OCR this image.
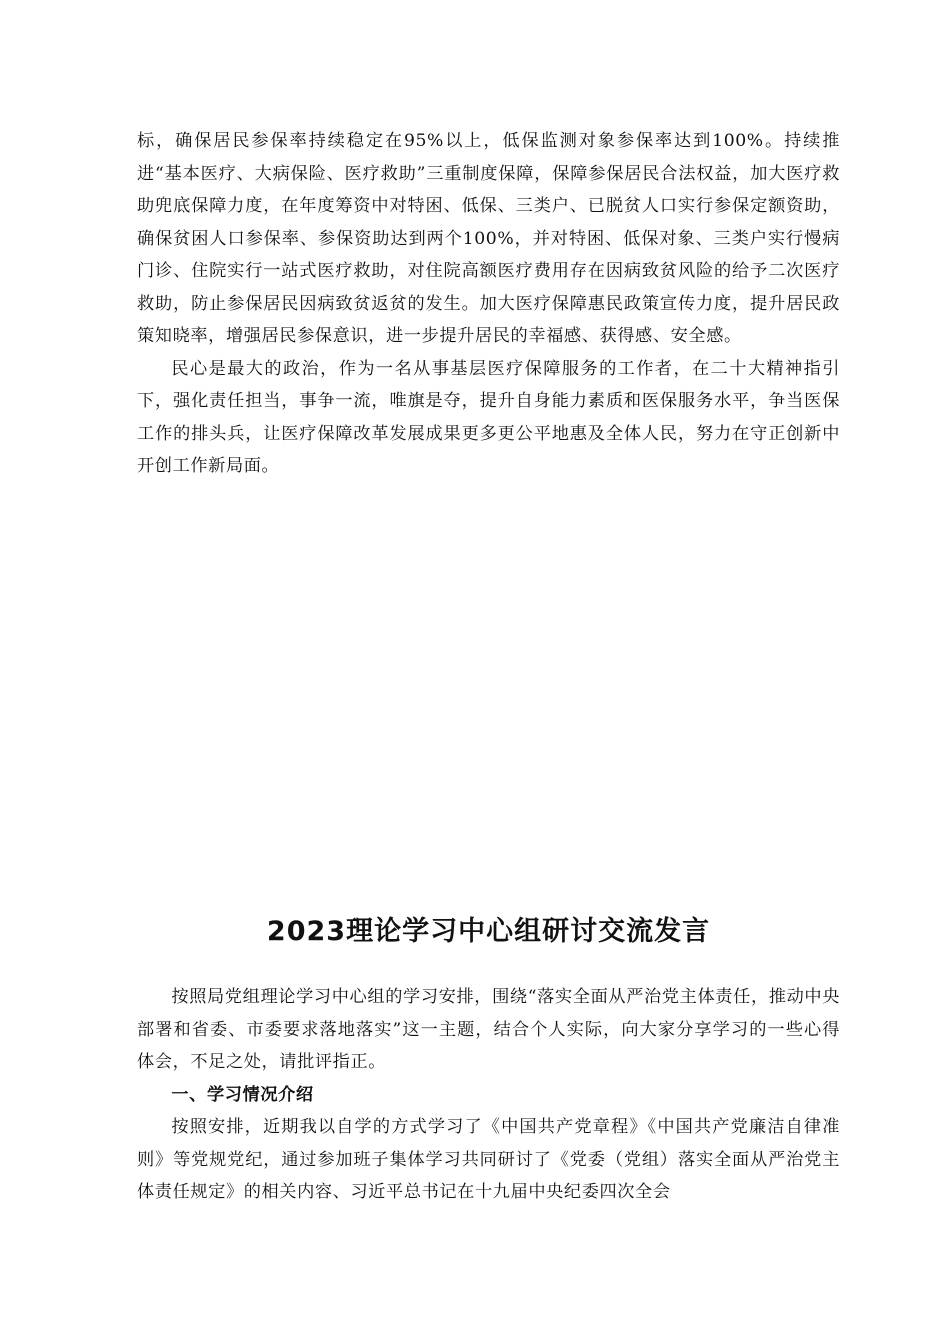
标，确保居民参保率持续稳定在95%以上，低保监测对象参保率达到100%。持续推进“基本医疗、大病保险、医疗救助”三重制度保障，保障参保居民合法权益，加大医疗救助兜底保障力度，在年度筹资中对特困、低保、三类户、已脱贫人口实行参保定额资助，确保贫困人口参保率、参保资助达到两个100%，并对特困、低保对象、三类户实行慢病门诊、住院实行一站式医疗救助，对住院高额医疗费用存在因病致贫风险的给予二次医疗救助，防止参保居民因病致贫返贫的发生。加大医疗保障惠民政策宣传力度，提升居民政策知晓率，增强居民参保意识，进一步提升居民的幸福感、获得感、安全感。

民心是最大的政治，作为一名从事基层医疗保障服务的工作者，在二十大精神指引下，强化责任担当，事争一流，唯旗是夺，提升自身能力素质和医保服务水平，争当医保工作的排头兵，让医疗保障改革发展成果更多更公平地惠及全体人民，努力在守正创新中开创工作新局面。

2023理论学习中心组研讨交流发言

按照局党组理论学习中心组的学习安排，围绕“落实全面从严治党主体责任，推动中央部署和省委、市委要求落地落实”这一主题，结合个人实际，向大家分享学习的一些心得体会，不足之处，请批评指正。

一、学习情况介绍

按照安排，近期我以自学的方式学习了《中国共产党章程》《中国共产党廉洁自律准则》等党规党纪，通过参加班子集体学习共同研讨了《党委（党组）落实全面从严治党主体责任规定》的相关内容、习近平总书记在十九届中央纪委四次全会
